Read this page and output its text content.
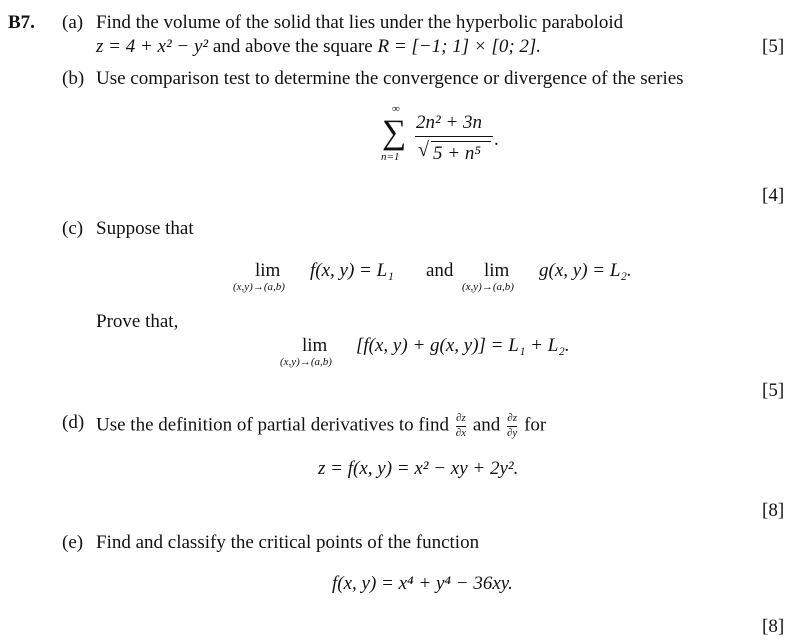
B7. (a) Find the volume of the solid that lies under the hyperbolic paraboloid
z = 4 + x² − y² and above the square R = [−1; 1] × [0; 2].	[5]
(b) Use comparison test to determine the convergence or divergence of the series
∞
∑
n=1
2n² + 3n
√ 5 + n⁵
.
[4]
(c) Suppose that
lim
(x,y)→(a,b)
f(x, y) = L₁ and lim
(x,y)→(a,b)
g(x, y) = L₂.
Prove that,
lim
(x,y)→(a,b)
[f(x, y) + g(x, y)] = L₁ + L₂.
[5]
(d) Use the definition of partial derivatives to find $\frac{\partial z}{\partial x}$ and $\frac{\partial z}{\partial y}$ for
z = f(x, y) = x² − xy + 2y².
[8]
(e) Find and classify the critical points of the function
f(x, y) = x⁴ + y⁴ − 36xy.
[8]
